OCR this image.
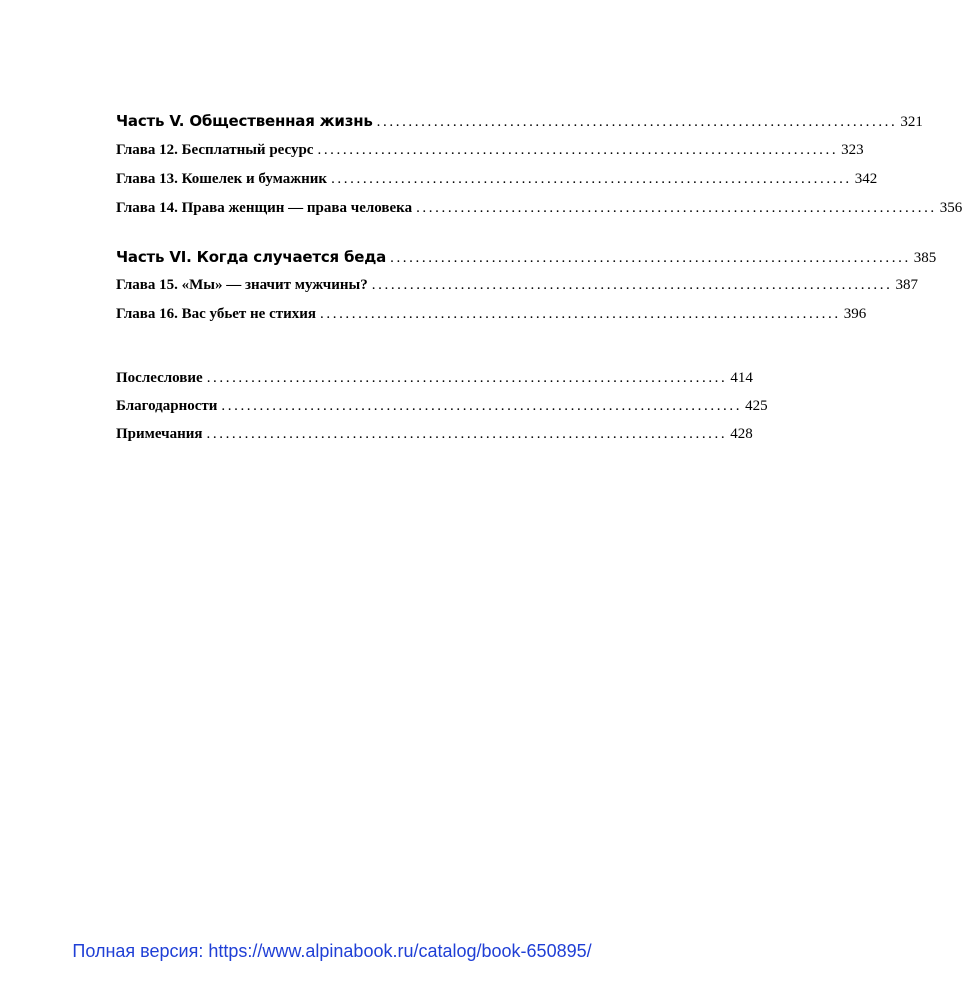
Часть V. Общественная жизнь .................................................................................. 321
Глава 12. Бесплатный ресурс .................................................................................. 323
Глава 13. Кошелек и бумажник .................................................................................. 342
Глава 14. Права женщин — права человека .................................................................................. 356
Часть VI. Когда случается беда .................................................................................. 385
Глава 15. «Мы» — значит мужчины? .................................................................................. 387
Глава 16. Вас убьет не стихия .................................................................................. 396
Послесловие .................................................................................. 414
Благодарности .................................................................................. 425
Примечания .................................................................................. 428
Полная версия: https://www.alpinabook.ru/catalog/book-650895/
